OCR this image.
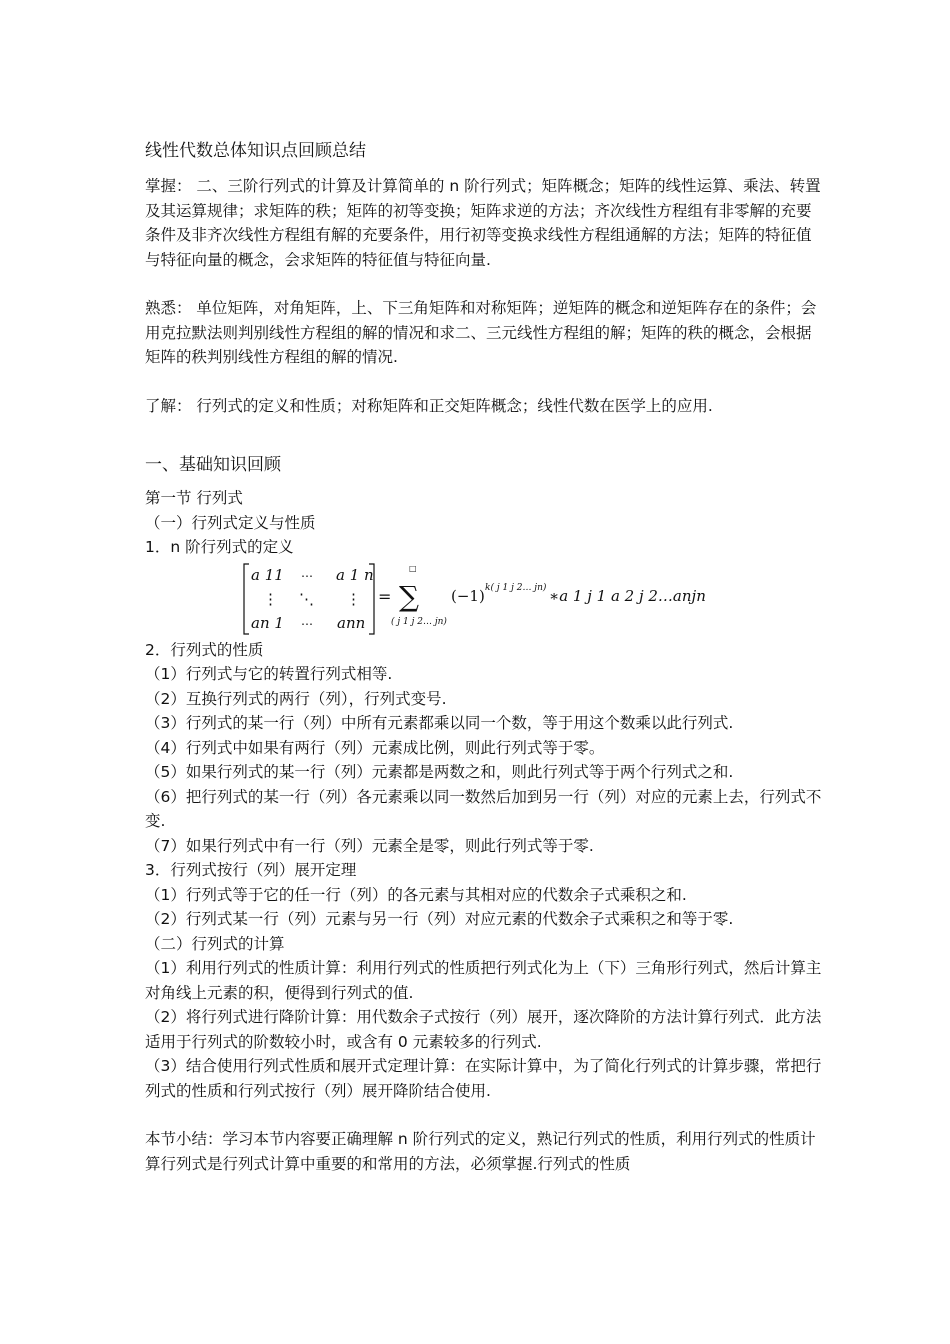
线性代数总体知识点回顾总结

掌握： 二、三阶行列式的计算及计算简单的 n 阶行列式；矩阵概念；矩阵的线性运算、乘法、转置及其运算规律；求矩阵的秩；矩阵的初等变换；矩阵求逆的方法；齐次线性方程组有非零解的充要条件及非齐次线性方程组有解的充要条件，用行初等变换求线性方程组通解的方法；矩阵的特征值与特征向量的概念，会求矩阵的特征值与特征向量.

熟悉： 单位矩阵，对角矩阵，上、下三角矩阵和对称矩阵；逆矩阵的概念和逆矩阵存在的条件；会用克拉默法则判别线性方程组的解的情况和求二、三元线性方程组的解；矩阵的秩的概念，会根据矩阵的秩判别线性方程组的解的情况.

了解： 行列式的定义和性质；对称矩阵和正交矩阵概念；线性代数在医学上的应用.

一、基础知识回顾

第一节 行列式

（一）行列式定义与性质

1．n 阶行列式的定义

a 11 ⋯ a 1 n
⋮ ⋱ ⋮
an 1 ⋯ ann
=
□
∑
( j 1 j 2… jn)
(−1) k( j 1 j 2… jn) ∗a 1 j 1 a 2 j 2…anjn

2．行列式的性质

（1）行列式与它的转置行列式相等.

（2）互换行列式的两行（列），行列式变号.

（3）行列式的某一行（列）中所有元素都乘以同一个数，等于用这个数乘以此行列式.

（4）行列式中如果有两行（列）元素成比例，则此行列式等于零。

（5）如果行列式的某一行（列）元素都是两数之和，则此行列式等于两个行列式之和.

（6）把行列式的某一行（列）各元素乘以同一数然后加到另一行（列）对应的元素上去，行列式不变.

（7）如果行列式中有一行（列）元素全是零，则此行列式等于零.

3．行列式按行（列）展开定理

（1）行列式等于它的任一行（列）的各元素与其相对应的代数余子式乘积之和.

（2）行列式某一行（列）元素与另一行（列）对应元素的代数余子式乘积之和等于零.

（二）行列式的计算

（1）利用行列式的性质计算：利用行列式的性质把行列式化为上（下）三角形行列式，然后计算主对角线上元素的积，便得到行列式的值.

（2）将行列式进行降阶计算：用代数余子式按行（列）展开，逐次降阶的方法计算行列式．此方法适用于行列式的阶数较小时，或含有 0 元素较多的行列式.

（3）结合使用行列式性质和展开式定理计算：在实际计算中，为了简化行列式的计算步骤，常把行列式的性质和行列式按行（列）展开降阶结合使用.

本节小结：学习本节内容要正确理解 n 阶行列式的定义，熟记行列式的性质，利用行列式的性质计算行列式是行列式计算中重要的和常用的方法，必须掌握.行列式的性质
